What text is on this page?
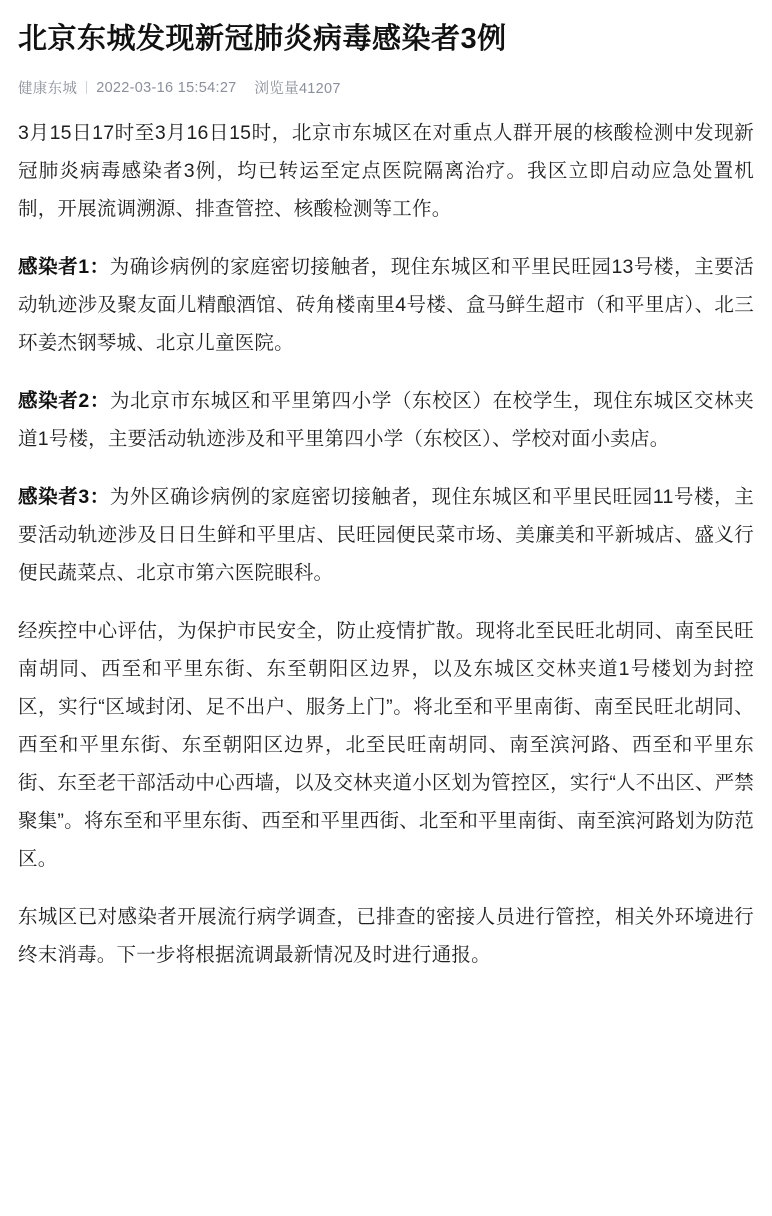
北京东城发现新冠肺炎病毒感染者3例
健康东城 2022-03-16 15:54:27 浏览量41207

3月15日17时至3月16日15时，北京市东城区在对重点人群开展的核酸检测中发现新冠肺炎病毒感染者3例，均已转运至定点医院隔离治疗。我区立即启动应急处置机制，开展流调溯源、排查管控、核酸检测等工作。

感染者1：为确诊病例的家庭密切接触者，现住东城区和平里民旺园13号楼，主要活动轨迹涉及聚友面儿精酿酒馆、砖角楼南里4号楼、盒马鲜生超市（和平里店）、北三环姜杰钢琴城、北京儿童医院。

感染者2：为北京市东城区和平里第四小学（东校区）在校学生，现住东城区交林夹道1号楼，主要活动轨迹涉及和平里第四小学（东校区）、学校对面小卖店。

感染者3：为外区确诊病例的家庭密切接触者，现住东城区和平里民旺园11号楼，主要活动轨迹涉及日日生鲜和平里店、民旺园便民菜市场、美廉美和平新城店、盛义行便民蔬菜点、北京市第六医院眼科。

经疾控中心评估，为保护市民安全，防止疫情扩散。现将北至民旺北胡同、南至民旺南胡同、西至和平里东街、东至朝阳区边界，以及东城区交林夹道1号楼划为封控区，实行“区域封闭、足不出户、服务上门”。将北至和平里南街、南至民旺北胡同、西至和平里东街、东至朝阳区边界，北至民旺南胡同、南至滨河路、西至和平里东街、东至老干部活动中心西墙，以及交林夹道小区划为管控区，实行“人不出区、严禁聚集”。将东至和平里东街、西至和平里西街、北至和平里南街、南至滨河路划为防范区。

东城区已对感染者开展流行病学调查，已排查的密接人员进行管控，相关外环境进行终末消毒。下一步将根据流调最新情况及时进行通报。
